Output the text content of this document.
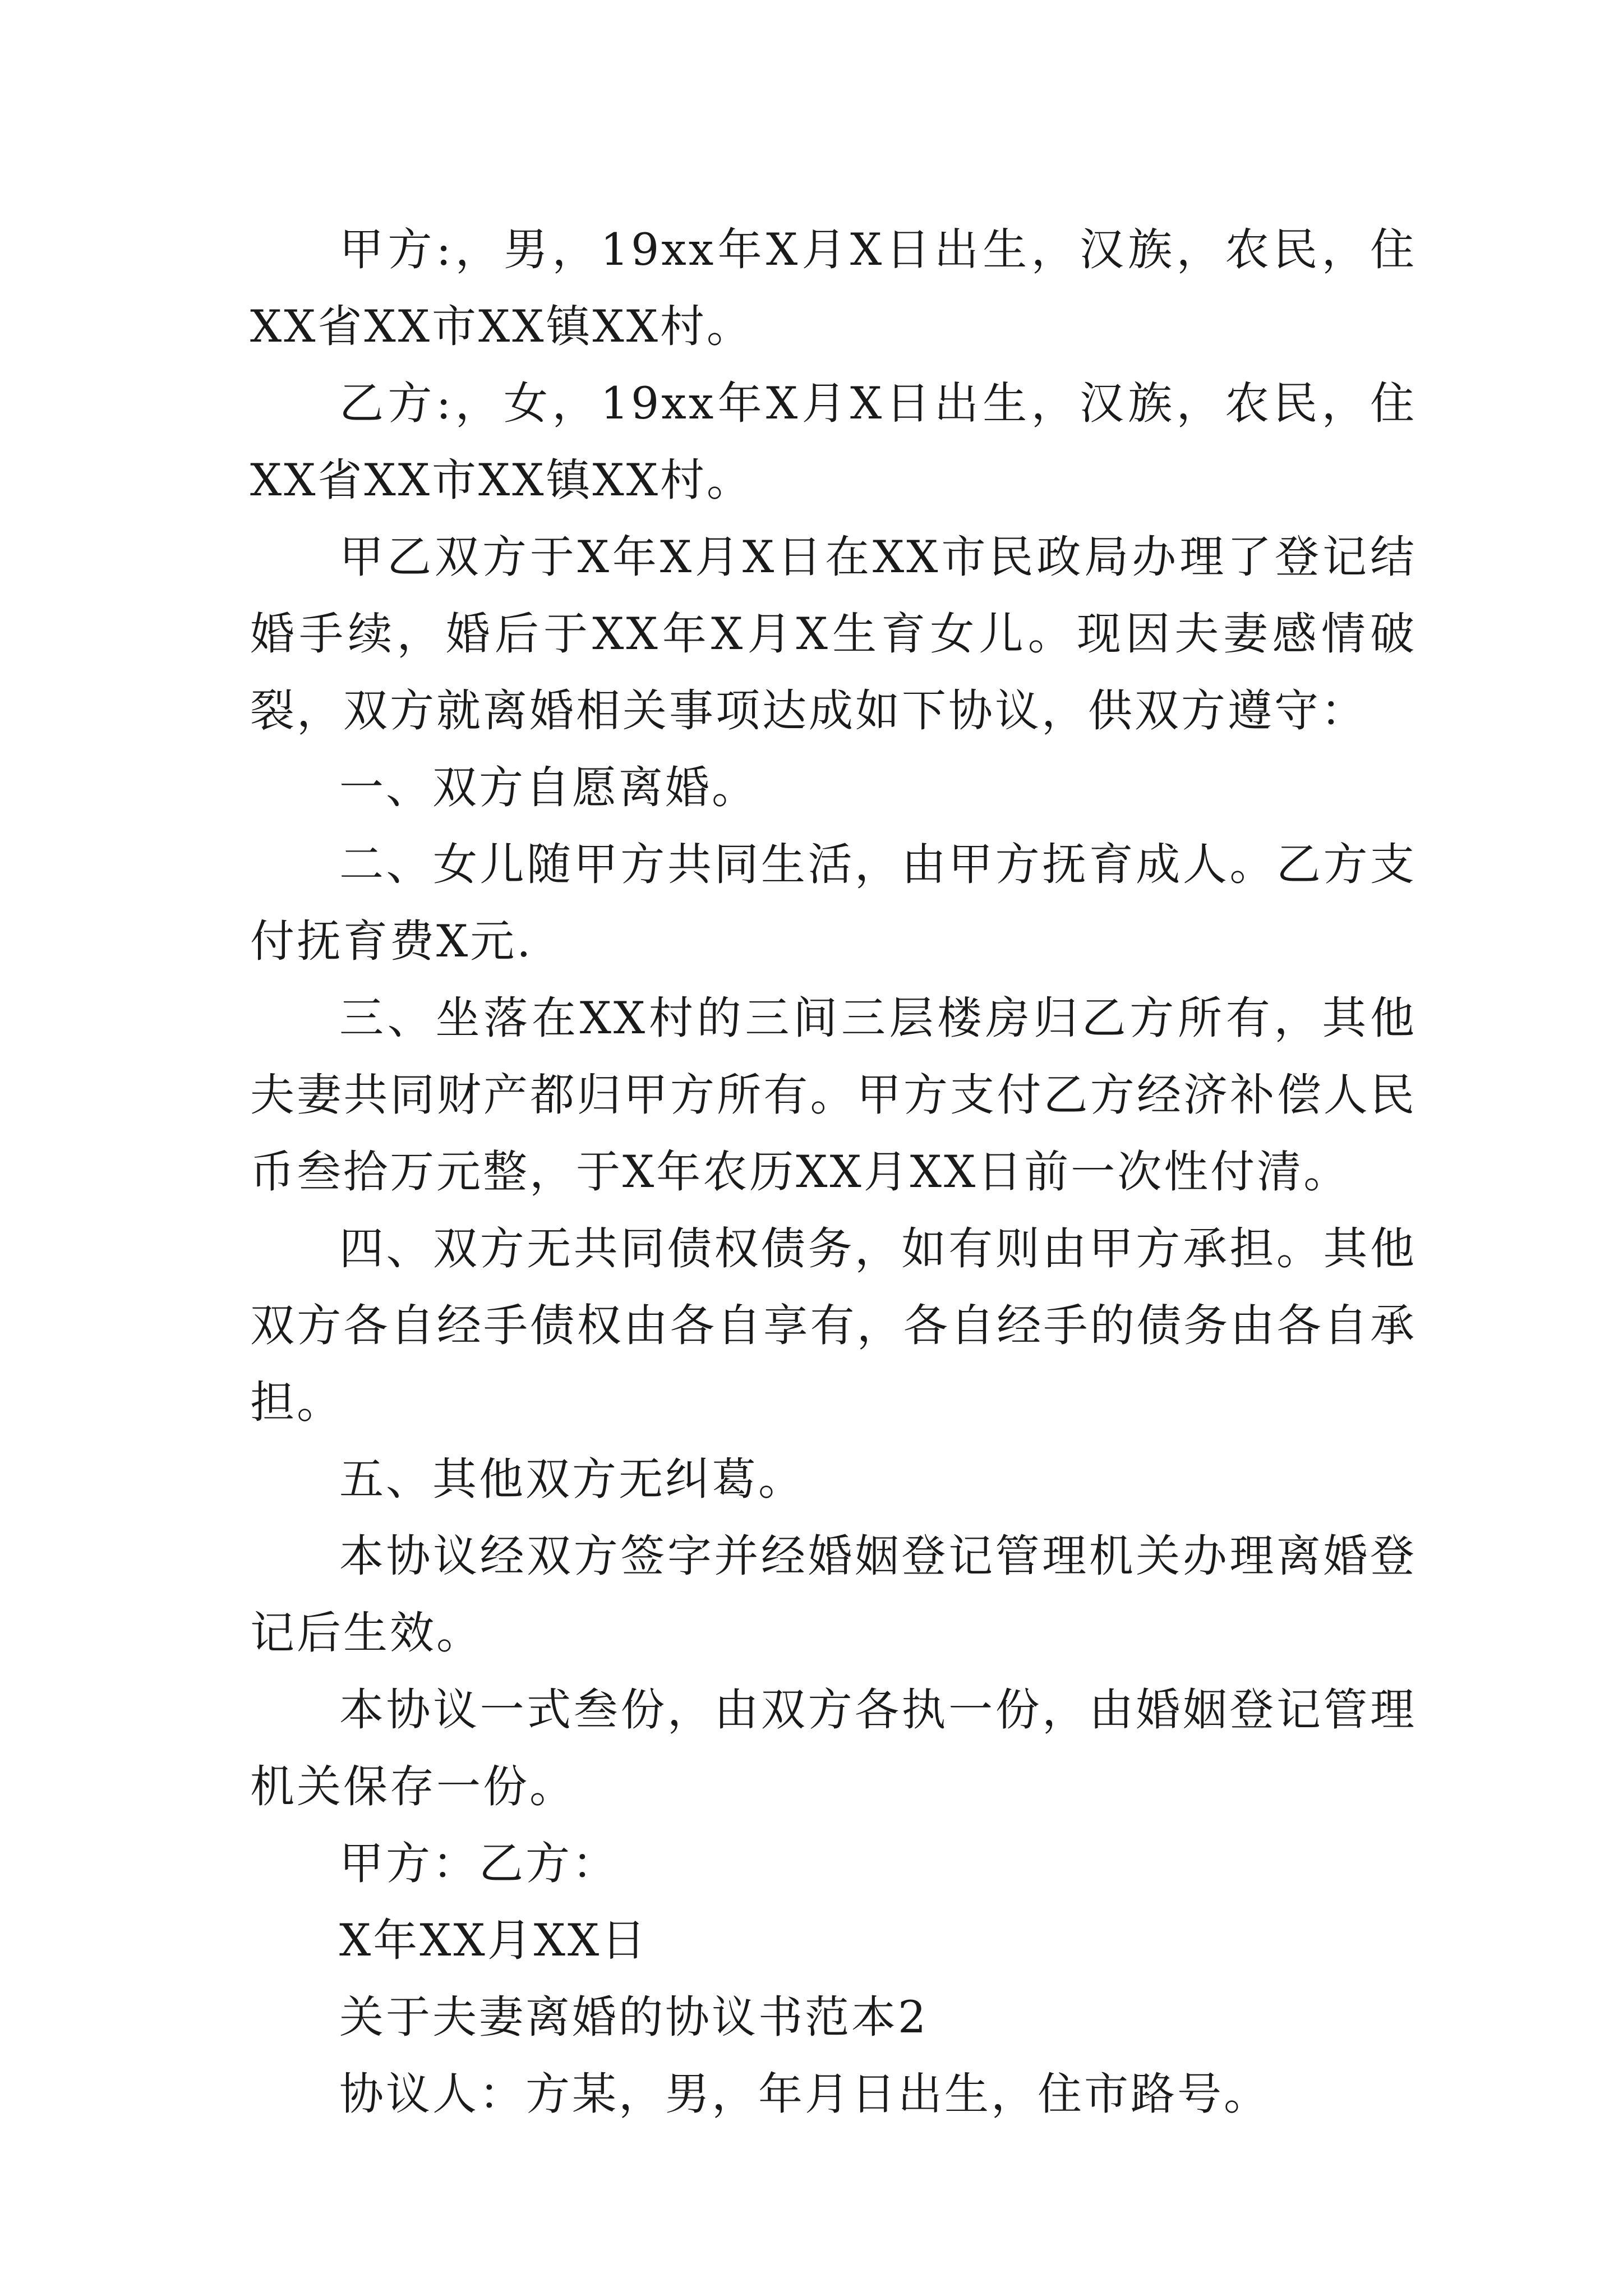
甲方:，男，19xx年X月X日出生，汉族，农民，住XX省XX市XX镇XX村。

乙方:，女，19xx年X月X日出生，汉族，农民，住XX省XX市XX镇XX村。

甲乙双方于X年X月X日在XX市民政局办理了登记结婚手续，婚后于XX年X月X生育女儿。现因夫妻感情破裂，双方就离婚相关事项达成如下协议，供双方遵守：

一、双方自愿离婚。

二、女儿随甲方共同生活，由甲方抚育成人。乙方支付抚育费X元.

三、坐落在XX村的三间三层楼房归乙方所有，其他夫妻共同财产都归甲方所有。甲方支付乙方经济补偿人民币叁拾万元整，于X年农历XX月XX日前一次性付清。

四、双方无共同债权债务，如有则由甲方承担。其他双方各自经手债权由各自享有，各自经手的债务由各自承担。

五、其他双方无纠葛。

本协议经双方签字并经婚姻登记管理机关办理离婚登记后生效。

本协议一式叁份，由双方各执一份，由婚姻登记管理机关保存一份。

甲方：乙方：

X年XX月XX日

关于夫妻离婚的协议书范本2

协议人：方某，男，年月日出生，住市路号。
